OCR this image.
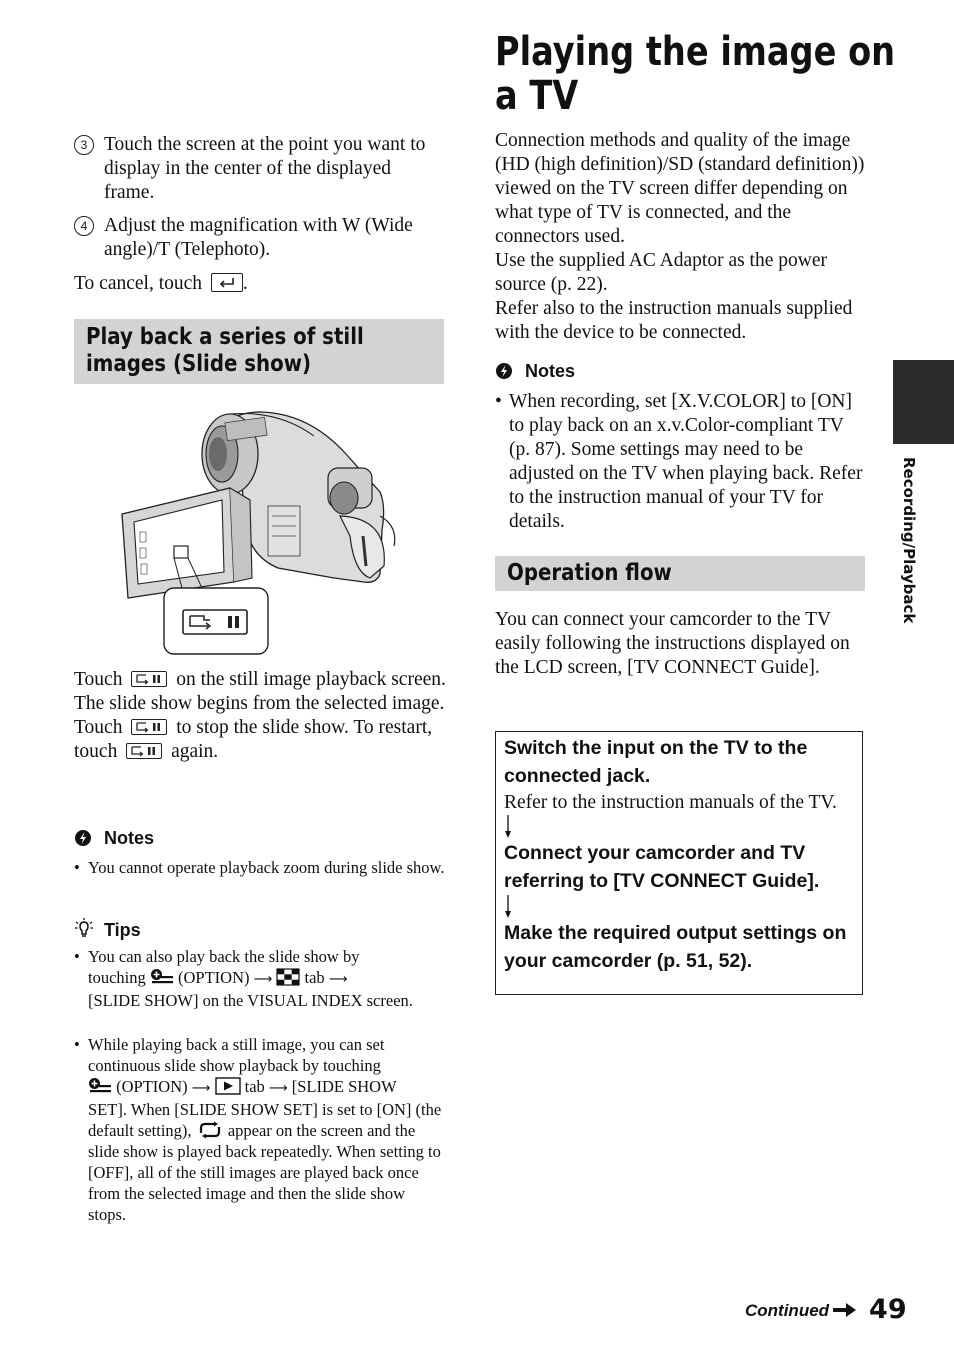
3 Touch the screen at the point you want to display in the center of the displayed frame.
4 Adjust the magnification with W (Wide angle)/T (Telephoto).
To cancel, touch .
Play back a series of still
images (Slide show)
Touch	on the still image playback screen.
The slide show begins from the selected image.
Touch	to stop the slide show. To restart, touch	again.
Notes
• You cannot operate playback zoom during slide show.
Tips
• You can also play back the slide show by
touching (OPTION) ⟶ tab ⟶
[SLIDE SHOW] on the VISUAL INDEX screen.
• While playing back a still image, you can set continuous slide show playback by touching
(OPTION) ⟶ tab ⟶ [SLIDE SHOW
SET]. When [SLIDE SHOW SET] is set to [ON] (the default setting), appear on the screen and the slide show is played back repeatedly. When setting to [OFF], all of the still images are played back once from the selected image and then the slide show stops.
Playing the image on
a TV
Connection methods and quality of the image (HD (high definition)/SD (standard definition)) viewed on the TV screen differ depending on what type of TV is connected, and the connectors used.
Use the supplied AC Adaptor as the power source (p. 22).
Refer also to the instruction manuals supplied with the device to be connected.
Notes
• When recording, set [X.V.COLOR] to [ON] to play back on an x.v.Color-compliant TV (p. 87). Some settings may need to be adjusted on the TV when playing back. Refer to the instruction manual of your TV for details.
Operation flow
You can connect your camcorder to the TV easily following the instructions displayed on the LCD screen, [TV CONNECT Guide].
Switch the input on the TV to the connected jack.
Refer to the instruction manuals of the TV.
Connect your camcorder and TV referring to [TV CONNECT Guide].
Make the required output settings on your camcorder (p. 51, 52).
Recording/Playback
Continued 49
